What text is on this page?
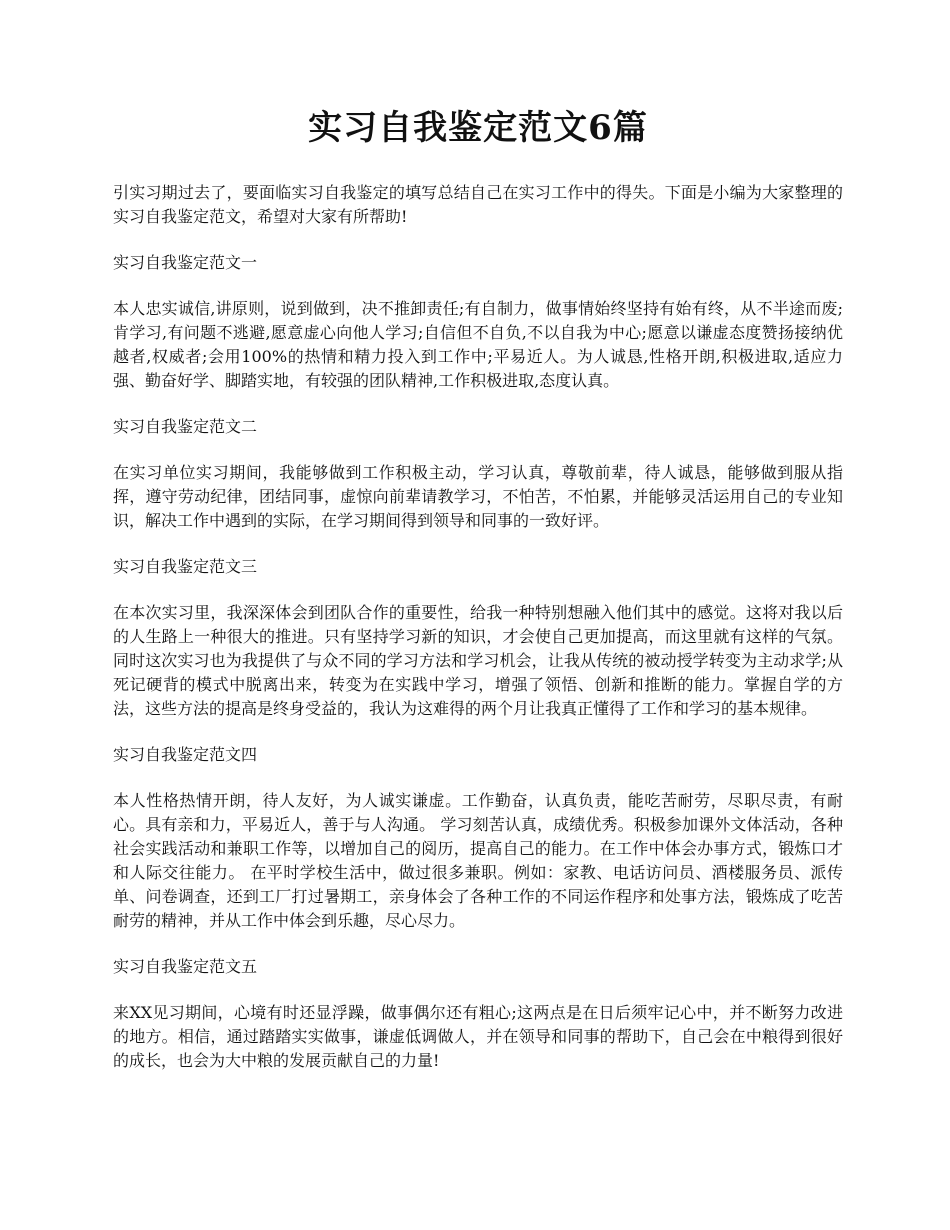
实习自我鉴定范文6篇

引实习期过去了，要面临实习自我鉴定的填写总结自己在实习工作中的得失。下面是小编为大家整理的实习自我鉴定范文，希望对大家有所帮助!

实习自我鉴定范文一

本人忠实诚信,讲原则，说到做到，决不推卸责任;有自制力，做事情始终坚持有始有终，从不半途而废;肯学习,有问题不逃避,愿意虚心向他人学习;自信但不自负,不以自我为中心;愿意以谦虚态度赞扬接纳优越者,权威者;会用100%的热情和精力投入到工作中;平易近人。为人诚恳,性格开朗,积极进取,适应力强、勤奋好学、脚踏实地，有较强的团队精神,工作积极进取,态度认真。

实习自我鉴定范文二

在实习单位实习期间，我能够做到工作积极主动，学习认真，尊敬前辈，待人诚恳，能够做到服从指挥，遵守劳动纪律，团结同事，虚惊向前辈请教学习，不怕苦，不怕累，并能够灵活运用自己的专业知识，解决工作中遇到的实际，在学习期间得到领导和同事的一致好评。

实习自我鉴定范文三

在本次实习里，我深深体会到团队合作的重要性，给我一种特别想融入他们其中的感觉。这将对我以后的人生路上一种很大的推进。只有坚持学习新的知识，才会使自己更加提高，而这里就有这样的气氛。同时这次实习也为我提供了与众不同的学习方法和学习机会，让我从传统的被动授学转变为主动求学;从死记硬背的模式中脱离出来，转变为在实践中学习，增强了领悟、创新和推断的能力。掌握自学的方法，这些方法的提高是终身受益的，我认为这难得的两个月让我真正懂得了工作和学习的基本规律。

实习自我鉴定范文四

本人性格热情开朗，待人友好，为人诚实谦虚。工作勤奋，认真负责，能吃苦耐劳，尽职尽责，有耐心。具有亲和力，平易近人，善于与人沟通。 学习刻苦认真，成绩优秀。积极参加课外文体活动，各种社会实践活动和兼职工作等，以增加自己的阅历，提高自己的能力。在工作中体会办事方式，锻炼口才和人际交往能力。 在平时学校生活中，做过很多兼职。例如：家教、电话访问员、酒楼服务员、派传单、问卷调查，还到工厂打过暑期工，亲身体会了各种工作的不同运作程序和处事方法，锻炼成了吃苦耐劳的精神，并从工作中体会到乐趣，尽心尽力。

实习自我鉴定范文五

来XX见习期间，心境有时还显浮躁，做事偶尔还有粗心;这两点是在日后须牢记心中，并不断努力改进的地方。相信，通过踏踏实实做事，谦虚低调做人，并在领导和同事的帮助下，自己会在中粮得到很好的成长，也会为大中粮的发展贡献自己的力量!
